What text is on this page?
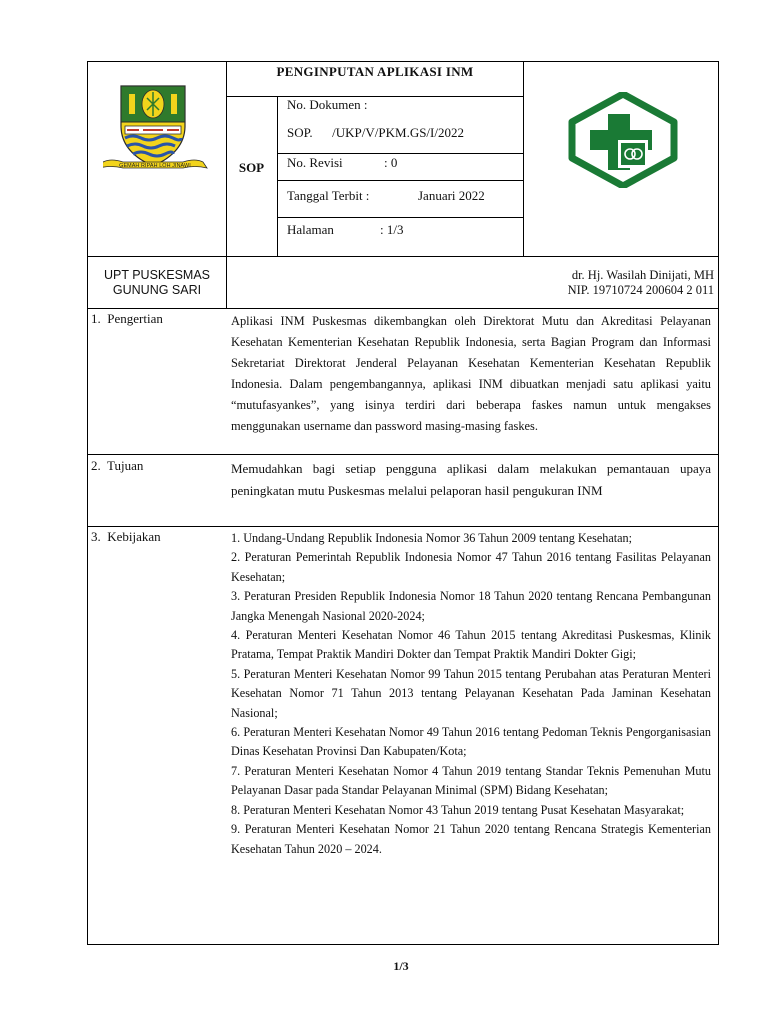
GEMAH RIPAH LOH JINAWI
PENGINPUTAN APLIKASI INM
SOP
No. Dokumen :
SOP.      /UKP/V/PKM.GS/I/2022
No. Revisi	: 0
Tanggal Terbit :	Januari 2022
Halaman	: 1/3
UPT PUSKESMAS
GUNUNG SARI
dr. Hj. Wasilah Dinijati, MH
NIP. 19710724 200604 2 011
1.  Pengertian	Aplikasi INM Puskesmas dikembangkan oleh Direktorat Mutu dan Akreditasi Pelayanan Kesehatan Kementerian Kesehatan Republik Indonesia, serta Bagian Program dan Informasi Sekretariat Direktorat Jenderal Pelayanan Kesehatan Kementerian Kesehatan Republik Indonesia. Dalam pengembangannya, aplikasi INM dibuatkan menjadi satu aplikasi yaitu “mutufasyankes”, yang isinya terdiri dari beberapa faskes namun untuk mengakses menggunakan username dan password masing-masing faskes.

2.  Tujuan	Memudahkan bagi setiap pengguna aplikasi dalam melakukan pemantauan upaya peningkatan mutu Puskesmas melalui pelaporan hasil pengukuran INM

3.  Kebijakan	1. Undang-Undang Republik Indonesia Nomor 36 Tahun 2009 tentang Kesehatan;

2. Peraturan Pemerintah Republik Indonesia Nomor 47 Tahun 2016 tentang Fasilitas Pelayanan Kesehatan;

3. Peraturan Presiden Republik Indonesia Nomor 18 Tahun 2020 tentang Rencana Pembangunan Jangka Menengah Nasional 2020-2024;

4. Peraturan Menteri Kesehatan Nomor 46 Tahun 2015 tentang Akreditasi Puskesmas, Klinik Pratama, Tempat Praktik Mandiri Dokter dan Tempat Praktik Mandiri Dokter Gigi;

5. Peraturan Menteri Kesehatan Nomor 99 Tahun 2015 tentang Perubahan atas Peraturan Menteri Kesehatan Nomor 71 Tahun 2013 tentang Pelayanan Kesehatan Pada Jaminan Kesehatan Nasional;

6. Peraturan Menteri Kesehatan Nomor 49 Tahun 2016 tentang Pedoman Teknis Pengorganisasian Dinas Kesehatan Provinsi Dan Kabupaten/Kota;

7. Peraturan Menteri Kesehatan Nomor 4 Tahun 2019 tentang Standar Teknis Pemenuhan Mutu Pelayanan Dasar pada Standar Pelayanan Minimal (SPM) Bidang Kesehatan;

8. Peraturan Menteri Kesehatan Nomor 43 Tahun 2019 tentang Pusat Kesehatan Masyarakat;

9. Peraturan Menteri Kesehatan Nomor 21 Tahun 2020 tentang Rencana Strategis Kementerian Kesehatan Tahun 2020 – 2024.

1/3
